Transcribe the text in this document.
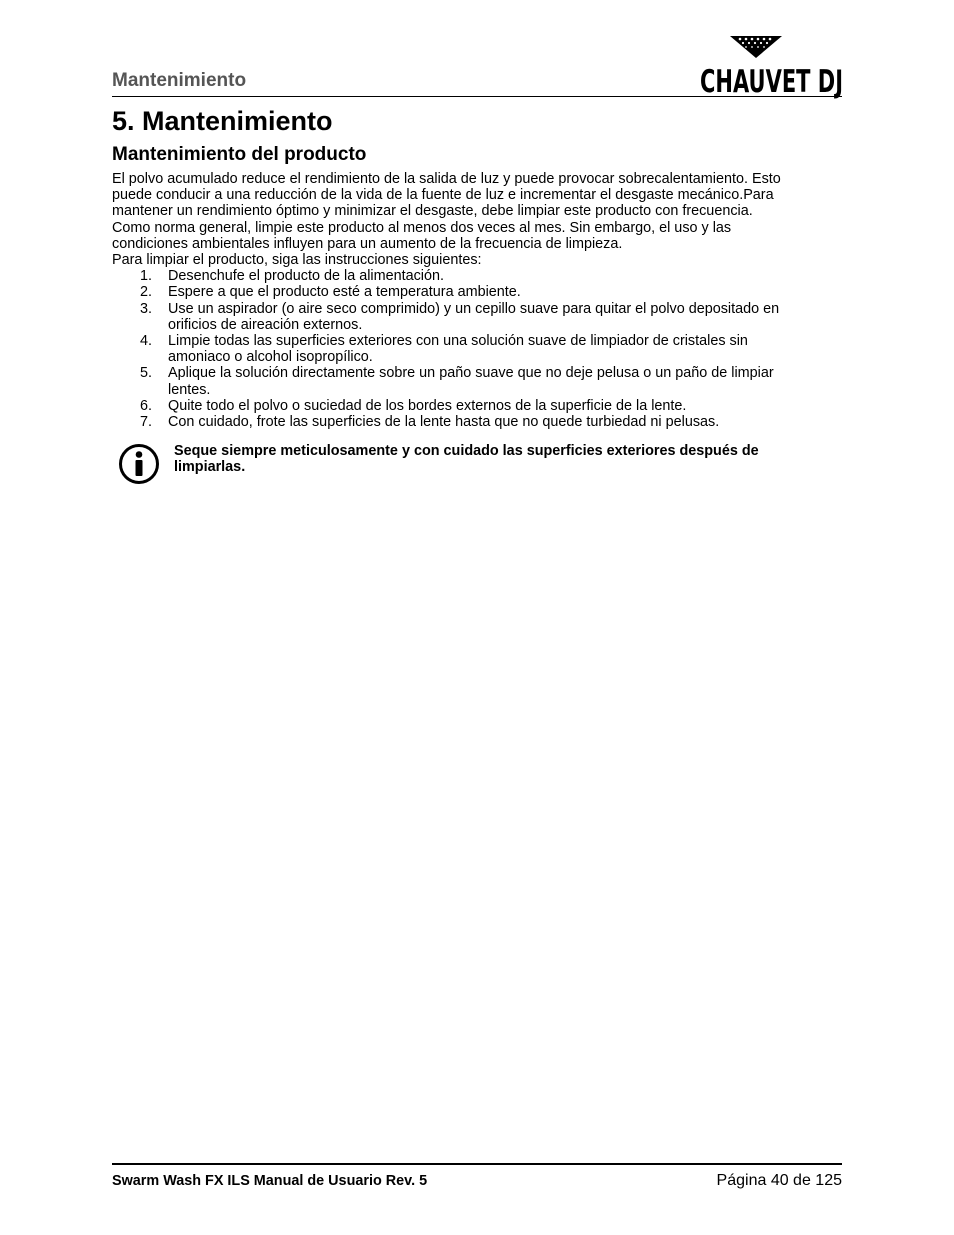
Mantenimiento	CHAUVET DJ
5. Mantenimiento
Mantenimiento del producto

El polvo acumulado reduce el rendimiento de la salida de luz y puede provocar sobrecalentamiento. Esto
puede conducir a una reducción de la vida de la fuente de luz e incrementar el desgaste mecánico.Para
mantener un rendimiento óptimo y minimizar el desgaste, debe limpiar este producto con frecuencia.
Como norma general, limpie este producto al menos dos veces al mes. Sin embargo, el uso y las
condiciones ambientales influyen para un aumento de la frecuencia de limpieza.

Para limpiar el producto, siga las instrucciones siguientes:

1. Desenchufe el producto de la alimentación.
2. Espere a que el producto esté a temperatura ambiente.
3. Use un aspirador (o aire seco comprimido) y un cepillo suave para quitar el polvo depositado en
orificios de aireación externos.
4. Limpie todas las superficies exteriores con una solución suave de limpiador de cristales sin
amoniaco o alcohol isopropílico.
5. Aplique la solución directamente sobre un paño suave que no deje pelusa o un paño de limpiar
lentes.
6. Quite todo el polvo o suciedad de los bordes externos de la superficie de la lente.
7. Con cuidado, frote las superficies de la lente hasta que no quede turbiedad ni pelusas.
Seque siempre meticulosamente y con cuidado las superficies exteriores después de
limpiarlas.
Swarm Wash FX ILS Manual de Usuario Rev. 5	Página 40 de 125
